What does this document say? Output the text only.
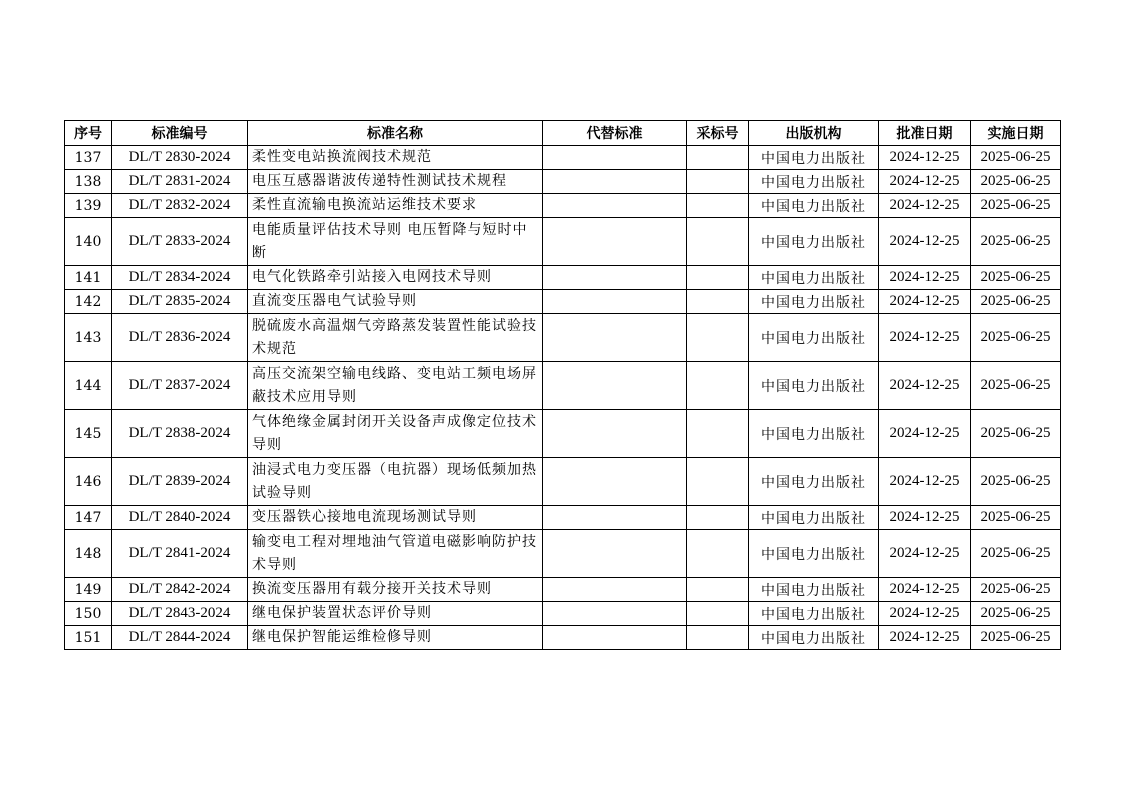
序号	标准编号	标准名称	代替标准	采标号	出版机构	批准日期	实施日期
137	DL/T 2830-2024	柔性变电站换流阀技术规范			中国电力出版社	2024-12-25	2025-06-25
138	DL/T 2831-2024	电压互感器谐波传递特性测试技术规程			中国电力出版社	2024-12-25	2025-06-25
139	DL/T 2832-2024	柔性直流输电换流站运维技术要求			中国电力出版社	2024-12-25	2025-06-25
140	DL/T 2833-2024	电能质量评估技术导则 电压暂降与短时中断			中国电力出版社	2024-12-25	2025-06-25
141	DL/T 2834-2024	电气化铁路牵引站接入电网技术导则			中国电力出版社	2024-12-25	2025-06-25
142	DL/T 2835-2024	直流变压器电气试验导则			中国电力出版社	2024-12-25	2025-06-25
143	DL/T 2836-2024	脱硫废水高温烟气旁路蒸发装置性能试验技术规范			中国电力出版社	2024-12-25	2025-06-25
144	DL/T 2837-2024	高压交流架空输电线路、变电站工频电场屏蔽技术应用导则			中国电力出版社	2024-12-25	2025-06-25
145	DL/T 2838-2024	气体绝缘金属封闭开关设备声成像定位技术导则			中国电力出版社	2024-12-25	2025-06-25
146	DL/T 2839-2024	油浸式电力变压器（电抗器）现场低频加热试验导则			中国电力出版社	2024-12-25	2025-06-25
147	DL/T 2840-2024	变压器铁心接地电流现场测试导则			中国电力出版社	2024-12-25	2025-06-25
148	DL/T 2841-2024	输变电工程对埋地油气管道电磁影响防护技术导则			中国电力出版社	2024-12-25	2025-06-25
149	DL/T 2842-2024	换流变压器用有载分接开关技术导则			中国电力出版社	2024-12-25	2025-06-25
150	DL/T 2843-2024	继电保护装置状态评价导则			中国电力出版社	2024-12-25	2025-06-25
151	DL/T 2844-2024	继电保护智能运维检修导则			中国电力出版社	2024-12-25	2025-06-25
